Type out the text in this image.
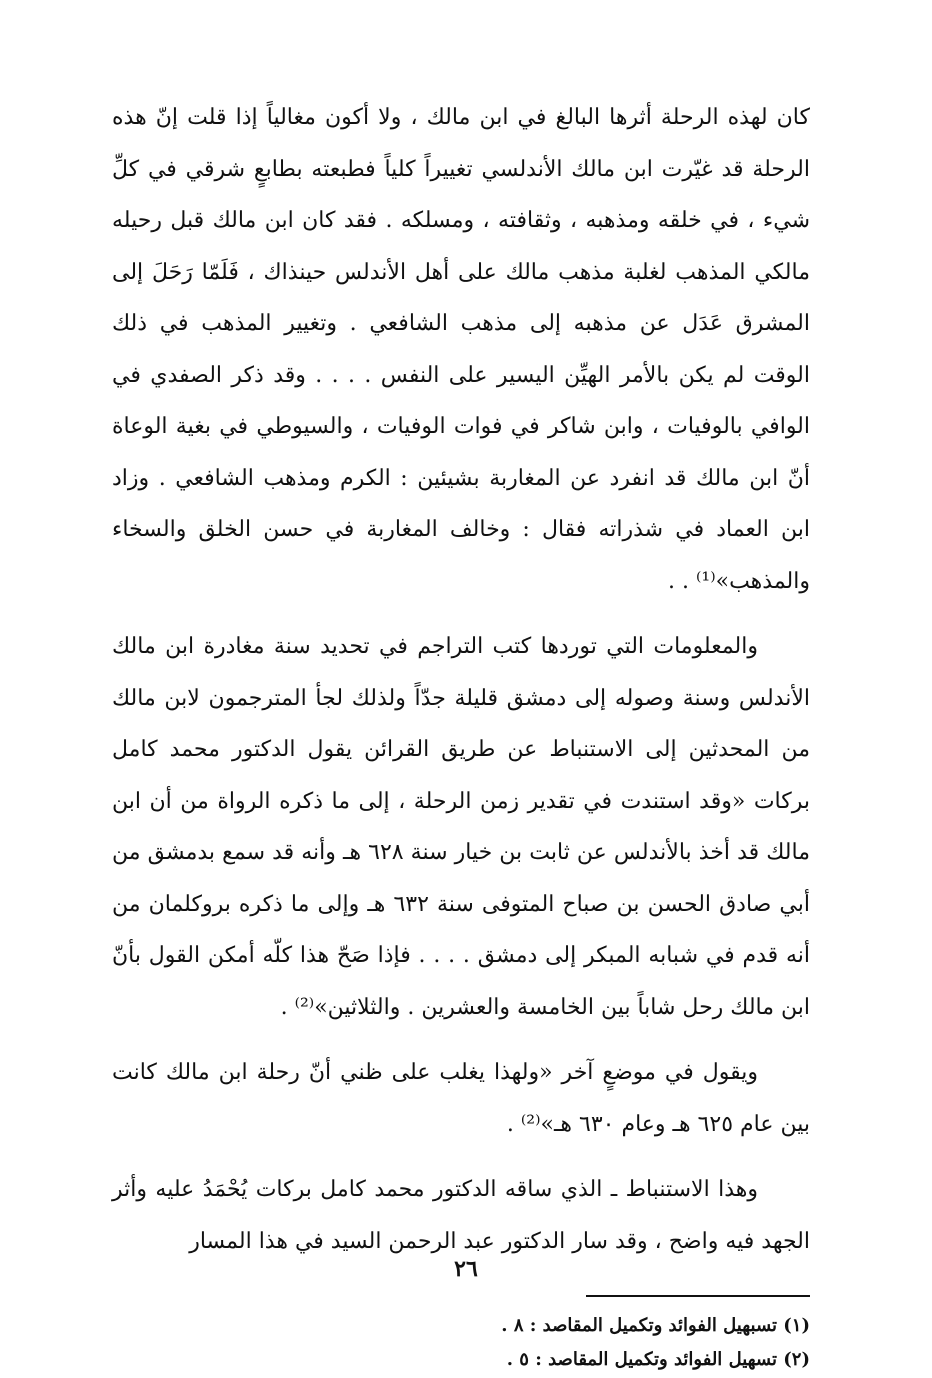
كان لهذه الرحلة أثرها البالغ في ابن مالك ، ولا أكون مغالياً إذا قلت إنّ هذه الرحلة قد غيّرت ابن مالك الأندلسي تغييراً كلياً فطبعته بطابعٍ شرقي في كلِّ شيء ، في خلقه ومذهبه ، وثقافته ، ومسلكه . فقد كان ابن مالك قبل رحيله مالكي المذهب لغلبة مذهب مالك على أهل الأندلس حينذاك ، فَلَمّا رَحَلَ إلى المشرق عَدَل عن مذهبه إلى مذهب الشافعي . وتغيير المذهب في ذلك الوقت لم يكن بالأمر الهيِّن اليسير على النفس . . . . وقد ذكر الصفدي في الوافي بالوفيات ، وابن شاكر في فوات الوفيات ، والسيوطي في بغية الوعاة أنّ ابن مالك قد انفرد عن المغاربة بشيئين : الكرم ومذهب الشافعي . وزاد ابن العماد في شذراته فقال : وخالف المغاربة في حسن الخلق والسخاء والمذهب»⁽¹⁾ . .

والمعلومات التي توردها كتب التراجم في تحديد سنة مغادرة ابن مالك الأندلس وسنة وصوله إلى دمشق قليلة جدّاً ولذلك لجأ المترجمون لابن مالك من المحدثين إلى الاستنباط عن طريق القرائن يقول الدكتور محمد كامل بركات «وقد استندت في تقدير زمن الرحلة ، إلى ما ذكره الرواة من أن ابن مالك قد أخذ بالأندلس عن ثابت بن خيار سنة ٦٢٨ هـ وأنه قد سمع بدمشق من أبي صادق الحسن بن صباح المتوفى سنة ٦٣٢ هـ وإلى ما ذكره بروكلمان من أنه قدم في شبابه المبكر إلى دمشق . . . . فإذا صَحّ هذا كلّه أمكن القول بأنّ ابن مالك رحل شاباً بين الخامسة والعشرين . والثلاثين»⁽²⁾ .

ويقول في موضعٍ آخر «ولهذا يغلب على ظني أنّ رحلة ابن مالك كانت بين عام ٦٢٥ هـ وعام ٦٣٠ هـ»⁽²⁾ .

وهذا الاستنباط ـ الذي ساقه الدكتور محمد كامل بركات يُحْمَدُ عليه وأثر الجهد فيه واضح ، وقد سار الدكتور عبد الرحمن السيد في هذا المسار

(١) تسبهيل الفوائد وتكميل المقاصد : ٨ .

(٢) تسهيل الفوائد وتكميل المقاصد : ٥ .

٢٦
